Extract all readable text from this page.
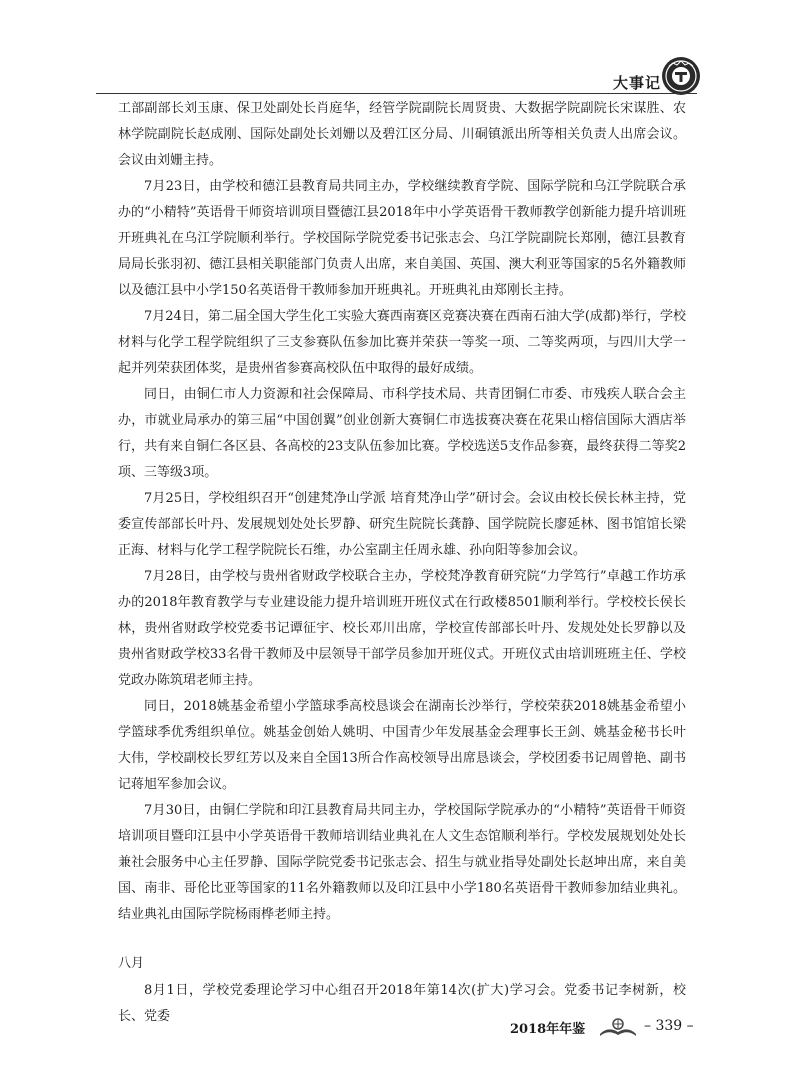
大事记

工部副部长刘玉康、保卫处副处长肖庭华，经管学院副院长周贤贵、大数据学院副院长宋谋胜、农林学院副院长赵成刚、国际处副处长刘姗以及碧江区分局、川硐镇派出所等相关负责人出席会议。会议由刘姗主持。

7月23日，由学校和德江县教育局共同主办，学校继续教育学院、国际学院和乌江学院联合承办的“小精特”英语骨干师资培训项目暨德江县2018年中小学英语骨干教师教学创新能力提升培训班开班典礼在乌江学院顺利举行。学校国际学院党委书记张志会、乌江学院副院长郑刚，德江县教育局局长张羽初、德江县相关职能部门负责人出席，来自美国、英国、澳大利亚等国家的5名外籍教师以及德江县中小学150名英语骨干教师参加开班典礼。开班典礼由郑刚长主持。

7月24日，第二届全国大学生化工实验大赛西南赛区竞赛决赛在西南石油大学(成都)举行，学校材料与化学工程学院组织了三支参赛队伍参加比赛并荣获一等奖一项、二等奖两项，与四川大学一起并列荣获团体奖，是贵州省参赛高校队伍中取得的最好成绩。

同日，由铜仁市人力资源和社会保障局、市科学技术局、共青团铜仁市委、市残疾人联合会主办，市就业局承办的第三届“中国创翼”创业创新大赛铜仁市选拔赛决赛在花果山榕信国际大酒店举行，共有来自铜仁各区县、各高校的23支队伍参加比赛。学校选送5支作品参赛，最终获得二等奖2项、三等级3项。

7月25日，学校组织召开“创建梵净山学派 培育梵净山学”研讨会。会议由校长侯长林主持，党委宣传部部长叶丹、发展规划处处长罗静、研究生院院长龚静、国学院院长廖延林、图书馆馆长梁正海、材料与化学工程学院院长石维，办公室副主任周永雄、孙向阳等参加会议。

7月28日，由学校与贵州省财政学校联合主办，学校梵净教育研究院“力学笃行”卓越工作坊承办的2018年教育教学与专业建设能力提升培训班开班仪式在行政楼8501顺利举行。学校校长侯长林，贵州省财政学校党委书记谭征宇、校长邓川出席，学校宣传部部长叶丹、发规处处长罗静以及贵州省财政学校33名骨干教师及中层领导干部学员参加开班仪式。开班仪式由培训班班主任、学校党政办陈筑珺老师主持。

同日，2018姚基金希望小学篮球季高校恳谈会在湖南长沙举行，学校荣获2018姚基金希望小学篮球季优秀组织单位。姚基金创始人姚明、中国青少年发展基金会理事长王剑、姚基金秘书长叶大伟，学校副校长罗红芳以及来自全国13所合作高校领导出席恳谈会，学校团委书记周曾艳、副书记蒋旭军参加会议。

7月30日，由铜仁学院和印江县教育局共同主办，学校国际学院承办的“小精特”英语骨干师资培训项目暨印江县中小学英语骨干教师培训结业典礼在人文生态馆顺利举行。学校发展规划处处长兼社会服务中心主任罗静、国际学院党委书记张志会、招生与就业指导处副处长赵坤出席，来自美国、南非、哥伦比亚等国家的11名外籍教师以及印江县中小学180名英语骨干教师参加结业典礼。结业典礼由国际学院杨雨桦老师主持。

八月

8月1日，学校党委理论学习中心组召开2018年第14次(扩大)学习会。党委书记李树新，校长、党委

2018年年鉴	– 339 –
